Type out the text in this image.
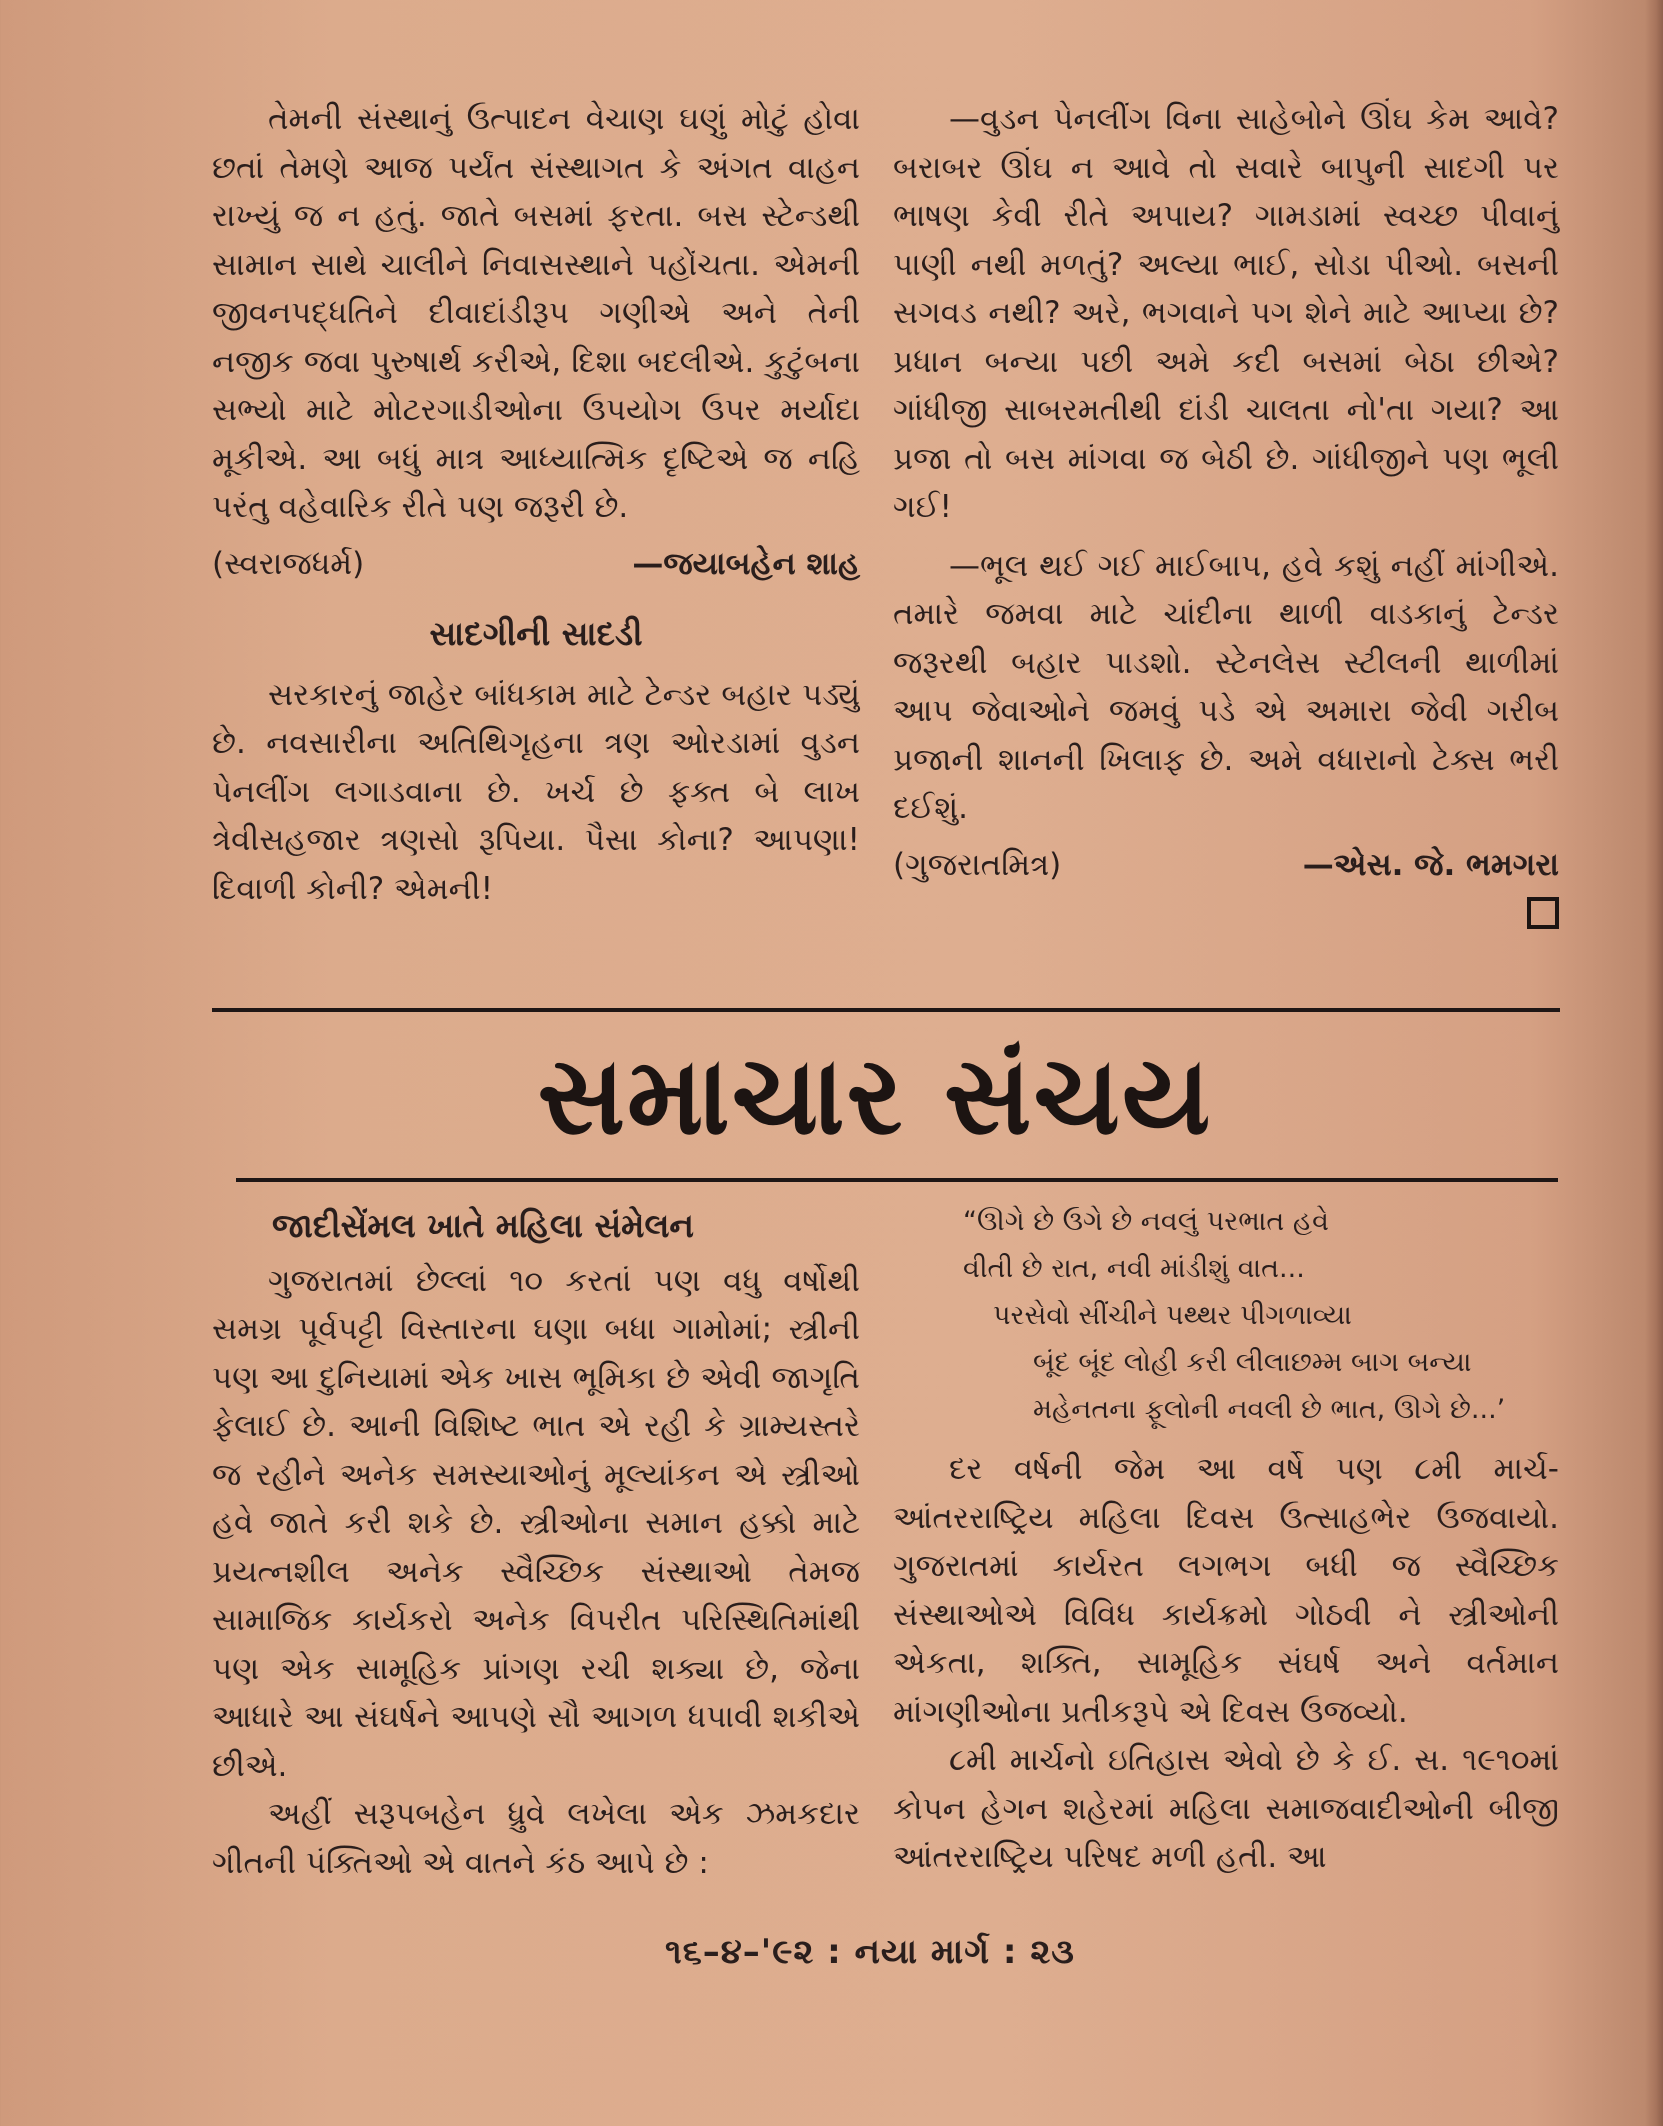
તેમની સંસ્થાનું ઉત્પાદન વેચાણ ઘણું મોટું હોવા છતાં તેમણે આજ પર્યંત સંસ્થાગત કે અંગત વાહન રાખ્યું જ ન હતું. જાતે બસમાં ફરતા. બસ સ્ટેન્ડથી સામાન સાથે ચાલીને નિવાસસ્થાને પહોંચતા. એમની જીવનપદ્ધતિને દીવાદાંડીરૂપ ગણીએ અને તેની નજીક જવા પુરુષાર્થ કરીએ, દિશા બદલીએ. કુટુંબના સભ્યો માટે મોટરગાડીઓના ઉપયોગ ઉપર મર્યાદા મૂકીએ. આ બધું માત્ર આધ્યાત્મિક દૃષ્ટિએ જ નહિ પરંતુ વહેવારિક રીતે પણ જરૂરી છે.

(સ્વરાજધર્મ)	—જયાબહેન શાહ
સાદગીની સાદડી

સરકારનું જાહેર બાંધકામ માટે ટેન્ડર બહાર પડ્યું છે. નવસારીના અતિથિગૃહના ત્રણ ઓરડામાં વુડન પેનલીંગ લગાડવાના છે. ખર્ચ છે ફક્ત બે લાખ ત્રેવીસહજાર ત્રણસો રૂપિયા. પૈસા કોના? આપણા! દિવાળી કોની? એમની!

—વુડન પેનલીંગ વિના સાહેબોને ઊંઘ કેમ આવે? બરાબર ઊંઘ ન આવે તો સવારે બાપુની સાદગી પર ભાષણ કેવી રીતે અપાય? ગામડામાં સ્વચ્છ પીવાનું પાણી નથી મળતું? અલ્યા ભાઈ, સોડા પીઓ. બસની સગવડ નથી? અરે, ભગવાને પગ શેને માટે આપ્યા છે? પ્રધાન બન્યા પછી અમે કદી બસમાં બેઠા છીએ? ગાંધીજી સાબરમતીથી દાંડી ચાલતા નો'તા ગયા? આ પ્રજા તો બસ માંગવા જ બેઠી છે. ગાંધીજીને પણ ભૂલી ગઈ!

—ભૂલ થઈ ગઈ માઈબાપ, હવે કશું નહીં માંગીએ. તમારે જમવા માટે ચાંદીના થાળી વાડકાનું ટેન્ડર જરૂરથી બહાર પાડશો. સ્ટેનલેસ સ્ટીલની થાળીમાં આપ જેવાઓને જમવું પડે એ અમારા જેવી ગરીબ પ્રજાની શાનની ખિલાફ છે. અમે વધારાનો ટેક્સ ભરી દઈશું.

(ગુજરાતમિત્ર)	—એસ. જે. ભમગરા
સમાચાર સંચય
જાદીસેંમલ ખાતે મહિલા સંમેલન

ગુજરાતમાં છેલ્લાં ૧૦ કરતાં પણ વધુ વર્ષોથી સમગ્ર પૂર્વપટ્ટી વિસ્તારના ઘણા બધા ગામોમાં; સ્ત્રીની પણ આ દુનિયામાં એક ખાસ ભૂમિકા છે એવી જાગૃતિ ફેલાઈ છે. આની વિશિષ્ટ ભાત એ રહી કે ગ્રામ્યસ્તરે જ રહીને અનેક સમસ્યાઓનું મૂલ્યાંકન એ સ્ત્રીઓ હવે જાતે કરી શકે છે. સ્ત્રીઓના સમાન હક્કો માટે પ્રયત્નશીલ અનેક સ્વૈચ્છિક સંસ્થાઓ તેમજ સામાજિક કાર્યકરો અનેક વિપરીત પરિસ્થિતિમાંથી પણ એક સામૂહિક પ્રાંગણ રચી શક્યા છે, જેના આધારે આ સંઘર્ષને આપણે સૌ આગળ ધપાવી શકીએ છીએ.

અહીં સરૂપબહેન ધ્રુવે લખેલા એક ઝમકદાર ગીતની પંક્તિઓ એ વાતને કંઠ આપે છે :

“ઊગે છે ઉગે છે નવલું પરભાત હવે

વીતી છે રાત, નવી માંડીશું વાત...

પરસેવો સીંચીને પથ્થર પીગળાવ્યા

બૂંદ બૂંદ લોહી કરી લીલાછમ્મ બાગ બન્યા

મહેનતના ફૂલોની નવલી છે ભાત, ઊગે છે...’

દર વર્ષની જેમ આ વર્ષે પણ ૮મી માર્ચ-આંતરરાષ્ટ્રિય મહિલા દિવસ ઉત્સાહભેર ઉજવાયો. ગુજરાતમાં કાર્યરત લગભગ બધી જ સ્વૈચ્છિક સંસ્થાઓએ વિવિધ કાર્યક્રમો ગોઠવી ને સ્ત્રીઓની એકતા, શક્તિ, સામૂહિક સંઘર્ષ અને વર્તમાન માંગણીઓના પ્રતીકરૂપે એ દિવસ ઉજવ્યો.

૮મી માર્ચનો ઇતિહાસ એવો છે કે ઈ. સ. ૧૯૧૦માં કોપન હેગન શહેરમાં મહિલા સમાજવાદીઓની બીજી આંતરરાષ્ટ્રિય પરિષદ મળી હતી. આ

૧૬–૪–'૯૨ : નયા માર્ગ : ૨૩
